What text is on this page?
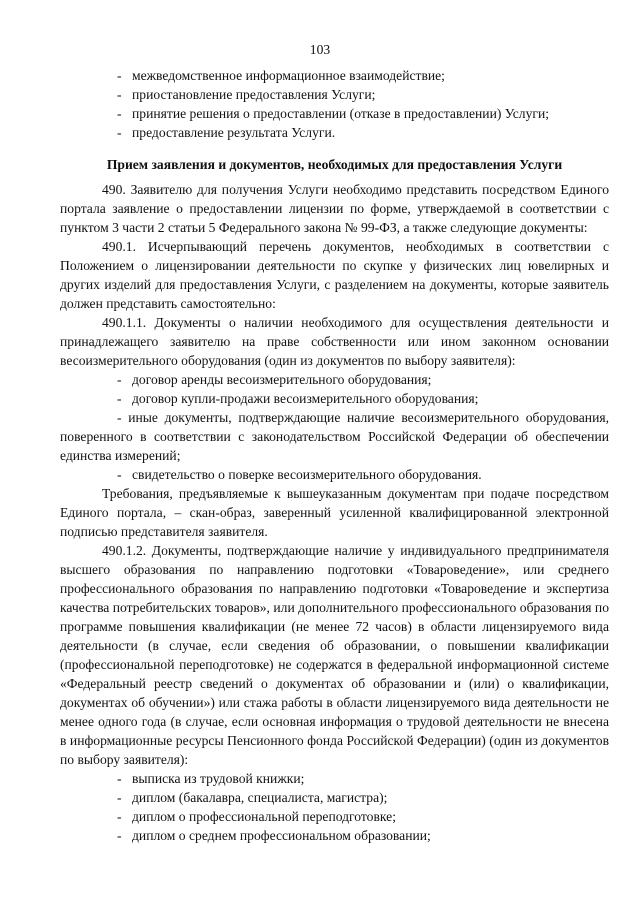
103
- межведомственное информационное взаимодействие;
- приостановление предоставления Услуги;
- принятие решения о предоставлении (отказе в предоставлении) Услуги;
- предоставление результата Услуги.
Прием заявления и документов, необходимых для предоставления Услуги

490. Заявителю для получения Услуги необходимо представить посредством Единого портала заявление о предоставлении лицензии по форме, утверждаемой в соответствии с пунктом 3 части 2 статьи 5 Федерального закона № 99-ФЗ, а также следующие документы:

490.1. Исчерпывающий перечень документов, необходимых в соответствии с Положением о лицензировании деятельности по скупке у физических лиц ювелирных и других изделий для предоставления Услуги, с разделением на документы, которые заявитель должен представить самостоятельно:

490.1.1. Документы о наличии необходимого для осуществления деятельности и принадлежащего заявителю на праве собственности или ином законном основании весоизмерительного оборудования (один из документов по выбору заявителя):

- договор аренды весоизмерительного оборудования;
- договор купли-продажи весоизмерительного оборудования;

- иные документы, подтверждающие наличие весоизмерительного оборудования, поверенного в соответствии с законодательством Российской Федерации об обеспечении единства измерений;

- свидетельство о поверке весоизмерительного оборудования.

Требования, предъявляемые к вышеуказанным документам при подаче посредством Единого портала, – скан-образ, заверенный усиленной квалифицированной электронной подписью представителя заявителя.

490.1.2. Документы, подтверждающие наличие у индивидуального предпринимателя высшего образования по направлению подготовки «Товароведение», или среднего профессионального образования по направлению подготовки «Товароведение и экспертиза качества потребительских товаров», или дополнительного профессионального образования по программе повышения квалификации (не менее 72 часов) в области лицензируемого вида деятельности (в случае, если сведения об образовании, о повышении квалификации (профессиональной переподготовке) не содержатся в федеральной информационной системе «Федеральный реестр сведений о документах об образовании и (или) о квалификации, документах об обучении») или стажа работы в области лицензируемого вида деятельности не менее одного года (в случае, если основная информация о трудовой деятельности не внесена в информационные ресурсы Пенсионного фонда Российской Федерации) (один из документов по выбору заявителя):

- выписка из трудовой книжки;
- диплом (бакалавра, специалиста, магистра);
- диплом о профессиональной переподготовке;
- диплом о среднем профессиональном образовании;
